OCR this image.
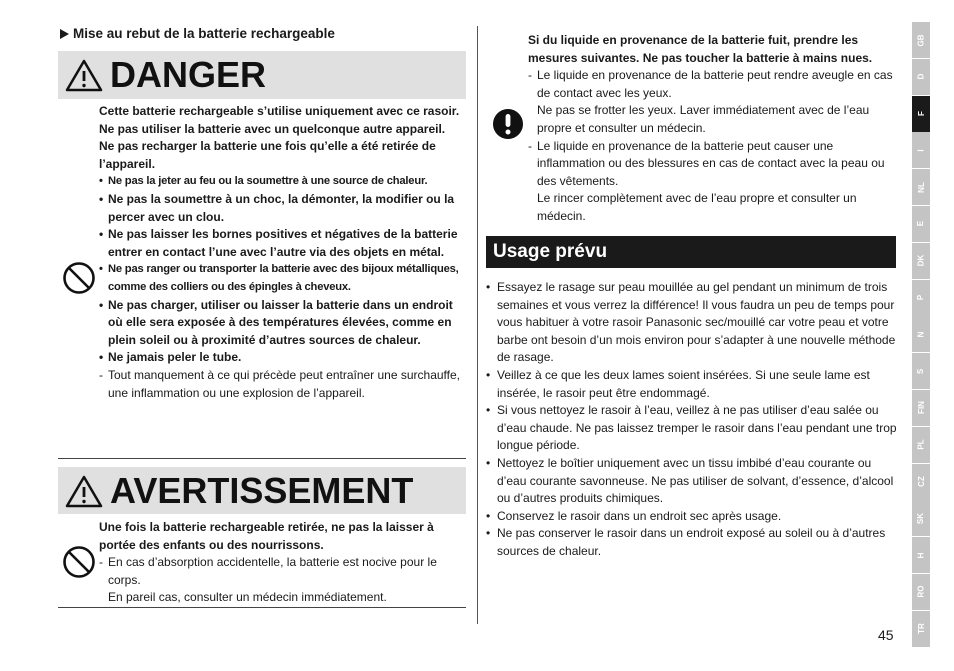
Mise au rebut de la batterie rechargeable
DANGER
Cette batterie rechargeable s’utilise uniquement avec ce rasoir. Ne pas utiliser la batterie avec un quelconque autre appareil.
Ne pas recharger la batterie une fois qu’elle a été retirée de l’appareil.
• Ne pas la jeter au feu ou la soumettre à une source de chaleur.
• Ne pas la soumettre à un choc, la démonter, la modifier ou la percer avec un clou.
• Ne pas laisser les bornes positives et négatives de la batterie entrer en contact l’une avec l’autre via des objets en métal.
• Ne pas ranger ou transporter la batterie avec des bijoux métalliques, comme des colliers ou des épingles à cheveux.
• Ne pas charger, utiliser ou laisser la batterie dans un endroit où elle sera exposée à des températures élevées, comme en plein soleil ou à proximité d’autres sources de chaleur.
• Ne jamais peler le tube.
- Tout manquement à ce qui précède peut entraîner une surchauffe, une inflammation ou une explosion de l’appareil.
AVERTISSEMENT
Une fois la batterie rechargeable retirée, ne pas la laisser à portée des enfants ou des nourrissons.
- En cas d’absorption accidentelle, la batterie est nocive pour le corps.
En pareil cas, consulter un médecin immédiatement.
Si du liquide en provenance de la batterie fuit, prendre les mesures suivantes. Ne pas toucher la batterie à mains nues.
- Le liquide en provenance de la batterie peut rendre aveugle en cas de contact avec les yeux.
Ne pas se frotter les yeux. Laver immédiatement avec de l’eau propre et consulter un médecin.
- Le liquide en provenance de la batterie peut causer une inflammation ou des blessures en cas de contact avec la peau ou des vêtements.
Le rincer complètement avec de l’eau propre et consulter un médecin.
Usage prévu
• Essayez le rasage sur peau mouillée au gel pendant un minimum de trois semaines et vous verrez la différence! Il vous faudra un peu de temps pour vous habituer à votre rasoir Panasonic sec/mouillé car votre peau et votre barbe ont besoin d’un mois environ pour s’adapter à une nouvelle méthode de rasage.
• Veillez à ce que les deux lames soient insérées. Si une seule lame est insérée, le rasoir peut être endommagé.
• Si vous nettoyez le rasoir à l’eau, veillez à ne pas utiliser d’eau salée ou d’eau chaude. Ne pas laissez tremper le rasoir dans l’eau pendant une trop longue période.
• Nettoyez le boîtier uniquement avec un tissu imbibé d’eau courante ou d’eau courante savonneuse. Ne pas utiliser de solvant, d’essence, d’alcool ou d’autres produits chimiques.
• Conservez le rasoir dans un endroit sec après usage.
• Ne pas conserver le rasoir dans un endroit exposé au soleil ou à d’autres sources de chaleur.
GB
D
F
I
NL
E
DK
P
N
S
FIN
PL
CZ
SK
H
RO
TR
45
